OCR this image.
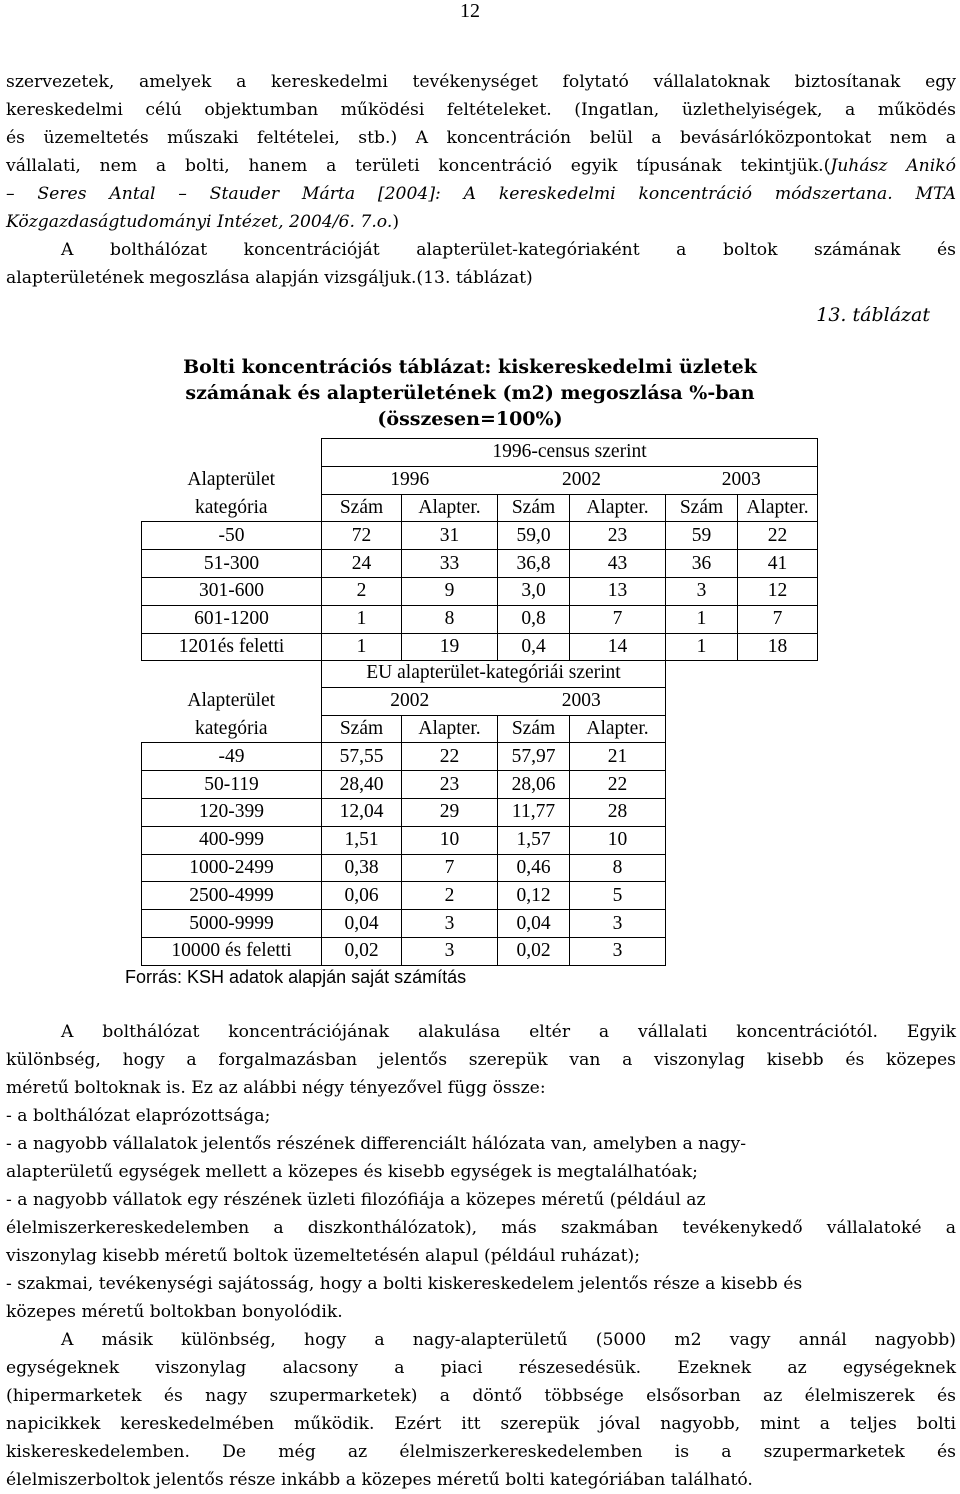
12
szervezetek, amelyek a kereskedelmi tevékenységet folytató vállalatoknak biztosítanak egy
kereskedelmi célú objektumban működési feltételeket. (Ingatlan, üzlethelyiségek, a működés
és üzemeltetés műszaki feltételei, stb.) A koncentráción belül a bevásárlóközpontokat nem a
vállalati, nem a bolti, hanem a területi koncentráció egyik típusának tekintjük.(Juhász Anikó
– Seres Antal – Stauder Márta [2004]: A kereskedelmi koncentráció módszertana. MTA
Közgazdaságtudományi Intézet, 2004/6. 7.o.)
A bolthálózat koncentrációját alapterület-kategóriaként a boltok számának és
alapterületének megoszlása alapján vizsgáljuk.(13. táblázat)
13. táblázat
Bolti koncentrációs táblázat: kiskereskedelmi üzletek
számának és alapterületének (m2) megoszlása %-ban
(összesen=100%)
	1996-census szerint					
Alapterület	1996		2002		2003	
kategória	Szám	Alapter.	Szám	Alapter.	Szám	Alapter.
-50	72	31	59,0	23	59	22
51-300	24	33	36,8	43	36	41
301-600	2	9	3,0	13	3	12
601-1200	1	8	0,8	7	1	7
1201és feletti	1	19	0,4	14	1	18
	EU alapterület-kategóriái szerint			
Alapterület	2002		2003	
kategória	Szám	Alapter.	Szám	Alapter.
-49	57,55	22	57,97	21
50-119	28,40	23	28,06	22
120-399	12,04	29	11,77	28
400-999	1,51	10	1,57	10
1000-2499	0,38	7	0,46	8
2500-4999	0,06	2	0,12	5
5000-9999	0,04	3	0,04	3
10000 és feletti	0,02	3	0,02	3
Forrás: KSH adatok alapján saját számítás
A bolthálózat koncentrációjának alakulása eltér a vállalati koncentrációtól. Egyik
különbség, hogy a forgalmazásban jelentős szerepük van a viszonylag kisebb és közepes
méretű boltoknak is. Ez az alábbi négy tényezővel függ össze:
- a bolthálózat elaprózottsága;
- a nagyobb vállalatok jelentős részének differenciált hálózata van, amelyben a nagy-
alapterületű egységek mellett a közepes és kisebb egységek is megtalálhatóak;
- a nagyobb vállatok egy részének üzleti filozófiája a közepes méretű (például az
élelmiszerkereskedelemben a diszkonthálózatok), más szakmában tevékenykedő vállalatoké a
viszonylag kisebb méretű boltok üzemeltetésén alapul (például ruházat);
- szakmai, tevékenységi sajátosság, hogy a bolti kiskereskedelem jelentős része a kisebb és
közepes méretű boltokban bonyolódik.
A másik különbség, hogy a nagy-alapterületű (5000 m2 vagy annál nagyobb)
egységeknek viszonylag alacsony a piaci részesedésük. Ezeknek az egységeknek
(hipermarketek és nagy szupermarketek) a döntő többsége elsősorban az élelmiszerek és
napicikkek kereskedelmében működik. Ezért itt szerepük jóval nagyobb, mint a teljes bolti
kiskereskedelemben. De még az élelmiszerkereskedelemben is a szupermarketek és
élelmiszerboltok jelentős része inkább a közepes méretű bolti kategóriában található.
